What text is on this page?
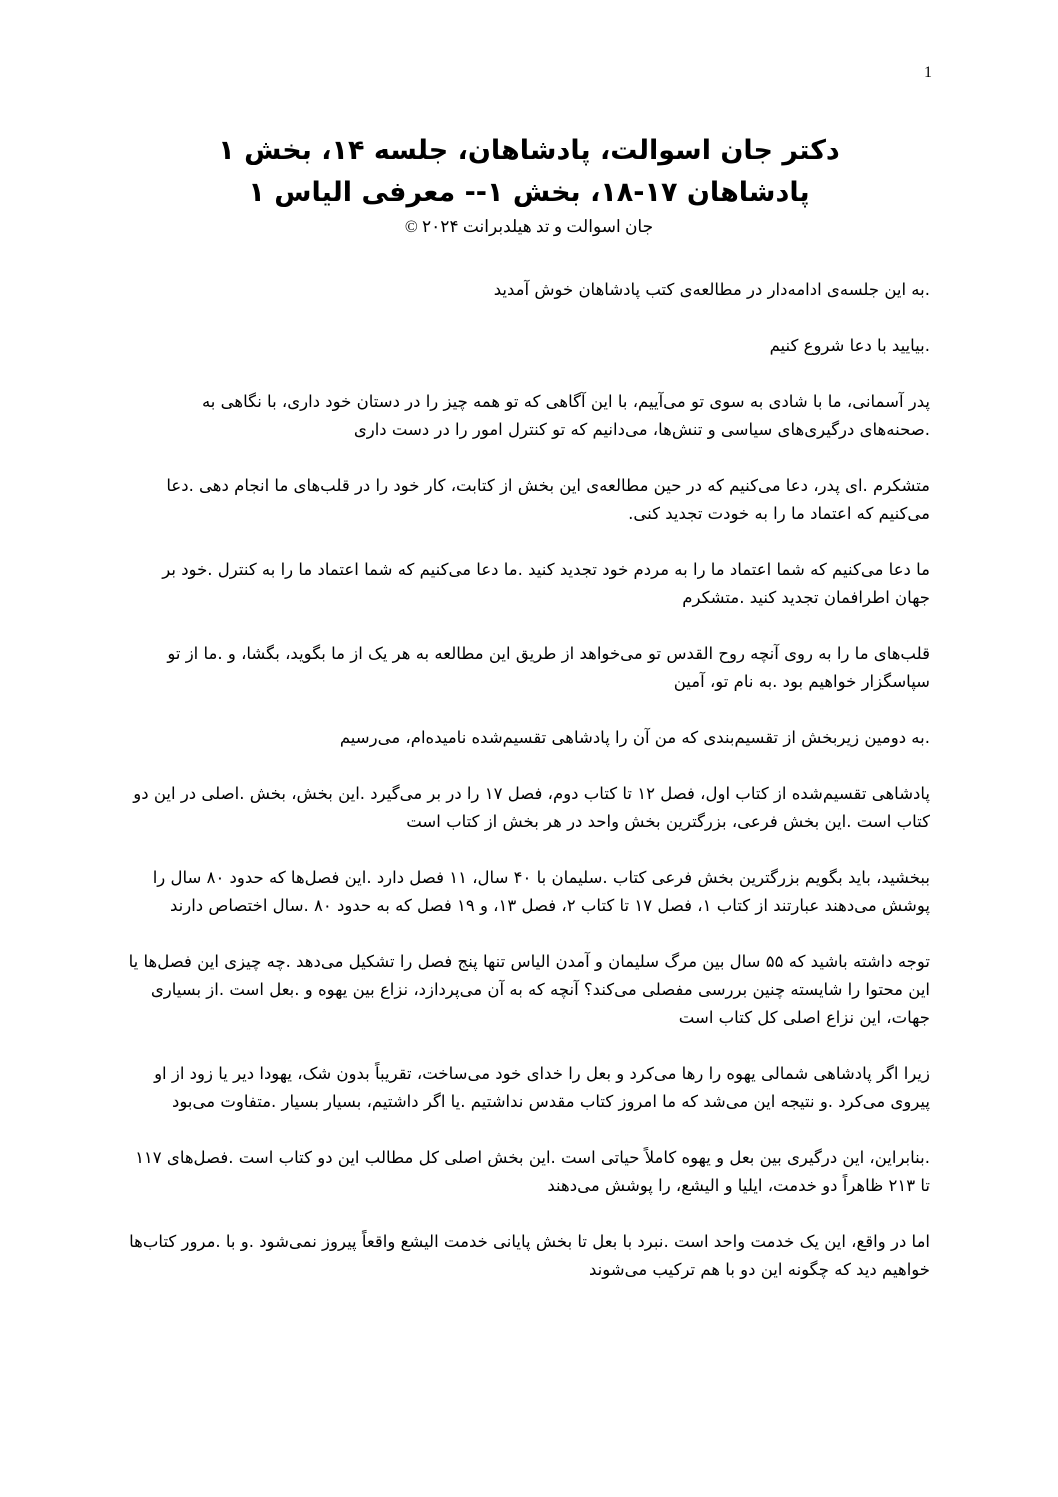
1

دکتر جان اسوالت، پادشاهان، جلسه ۱۴، بخش ۱

پادشاهان ۱۷-۱۸، بخش ۱-- معرفی الیاس ۱

جان اسوالت و تد هیلدبرانت ۲۰۲۴ ©

.به این جلسه‌ی ادامه‌دار در مطالعه‌ی کتب پادشاهان خوش آمدید

.بیایید با دعا شروع کنیم

پدر آسمانی، ما با شادی به سوی تو می‌آییم، با این آگاهی که تو همه چیز را در دستان خود داری، با نگاهی به .صحنه‌های درگیری‌های سیاسی و تنش‌ها، می‌دانیم که تو کنترل امور را در دست داری

متشکرم .ای پدر، دعا می‌کنیم که در حین مطالعه‌ی این بخش از کتابت، کار خود را در قلب‌های ما انجام دهی .دعا می‌کنیم که اعتماد ما را به خودت تجدید کنی.

ما دعا می‌کنیم که شما اعتماد ما را به مردم خود تجدید کنید .ما دعا می‌کنیم که شما اعتماد ما را به کنترل .خود بر جهان اطرافمان تجدید کنید .متشکرم

قلب‌های ما را به روی آنچه روح القدس تو می‌خواهد از طریق این مطالعه به هر یک از ما بگوید، بگشا، و .ما از تو سپاسگزار خواهیم بود .به نام تو، آمین

.به دومین زیربخش از تقسیم‌بندی که من آن را پادشاهی تقسیم‌شده نامیده‌ام، می‌رسیم

پادشاهی تقسیم‌شده از کتاب اول، فصل ۱۲ تا کتاب دوم، فصل ۱۷ را در بر می‌گیرد .این بخش، بخش .اصلی در این دو کتاب است .این بخش فرعی، بزرگترین بخش واحد در هر بخش از کتاب است

ببخشید، باید بگویم بزرگترین بخش فرعی کتاب .سلیمان با ۴۰ سال، ۱۱ فصل دارد .این فصل‌ها که حدود ۸۰ سال را پوشش می‌دهند عبارتند از کتاب ۱، فصل ۱۷ تا کتاب ۲، فصل ۱۳، و ۱۹ فصل که به حدود ۸۰ .سال اختصاص دارند

توجه داشته باشید که ۵۵ سال بین مرگ سلیمان و آمدن الیاس تنها پنج فصل را تشکیل می‌دهد .چه چیزی این فصل‌ها یا این محتوا را شایسته چنین بررسی مفصلی می‌کند؟ آنچه که به آن می‌پردازد، نزاع بین یهوه و .بعل است .از بسیاری جهات، این نزاع اصلی کل کتاب است

زیرا اگر پادشاهی شمالی یهوه را رها می‌کرد و بعل را خدای خود می‌ساخت، تقریباً بدون شک، یهودا دیر یا زود از او پیروی می‌کرد .و نتیجه این می‌شد که ما امروز کتاب مقدس نداشتیم .یا اگر داشتیم، بسیار بسیار .متفاوت می‌بود

.بنابراین، این درگیری بین بعل و یهوه کاملاً حیاتی است .این بخش اصلی کل مطالب این دو کتاب است .فصل‌های ۱۱۷ تا ۲۱۳ ظاهراً دو خدمت، ایلیا و الیشع، را پوشش می‌دهند

اما در واقع، این یک خدمت واحد است .نبرد با بعل تا بخش پایانی خدمت الیشع واقعاً پیروز نمی‌شود .و با .مرور کتاب‌ها خواهیم دید که چگونه این دو با هم ترکیب می‌شوند
